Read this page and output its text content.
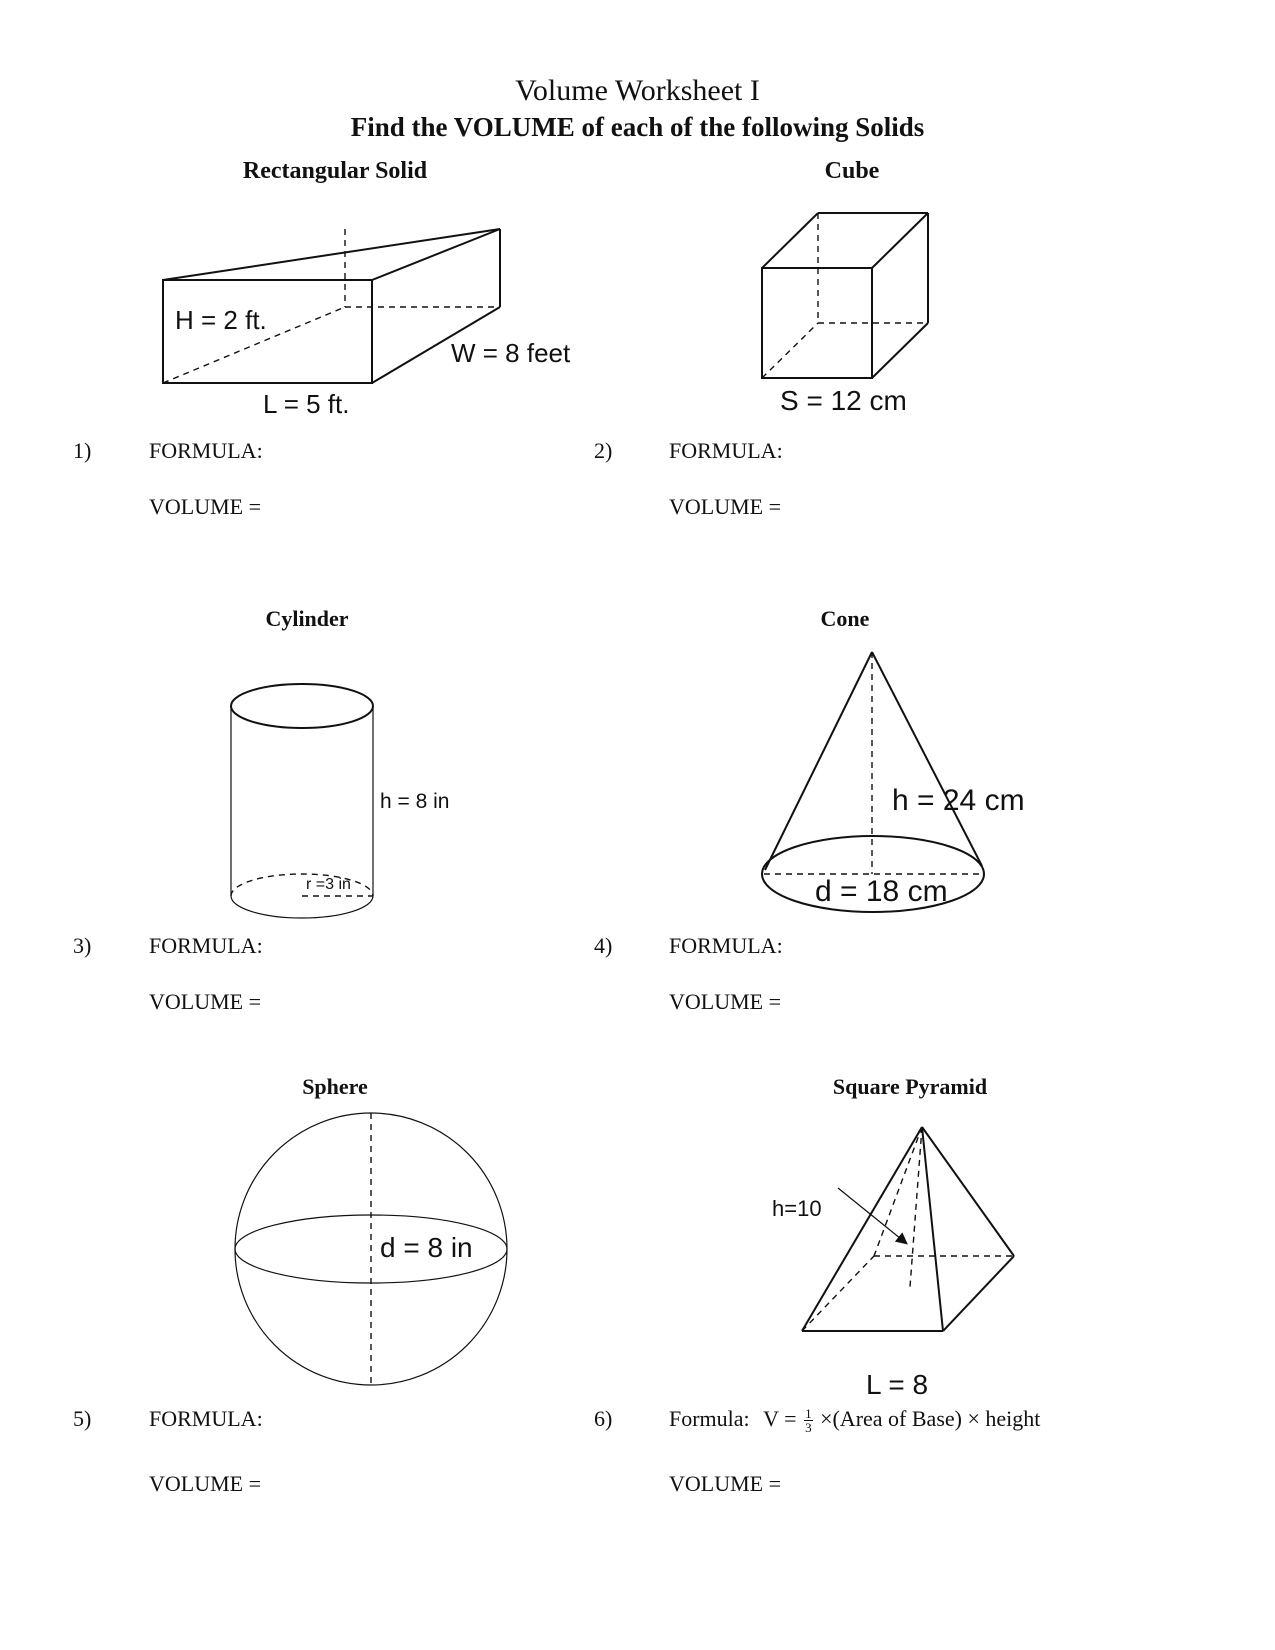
Volume Worksheet I
Find the VOLUME of each of the following Solids
Rectangular Solid
H = 2 ft.
W = 8 feet
L = 5 ft.
1)	FORMULA:
VOLUME =
Cube
S = 12 cm
2)	FORMULA:
VOLUME =
Cylinder
h = 8 in
r =3 in
3)	FORMULA:
VOLUME =
Cone
h = 24 cm
d = 18 cm
4)	FORMULA:
VOLUME =
Sphere
d = 8 in
5)	FORMULA:
VOLUME =
Square Pyramid
h=10
L = 8
6)	Formula: $V = \frac{1}{3}$ ×(Area of Base) × height
VOLUME =
